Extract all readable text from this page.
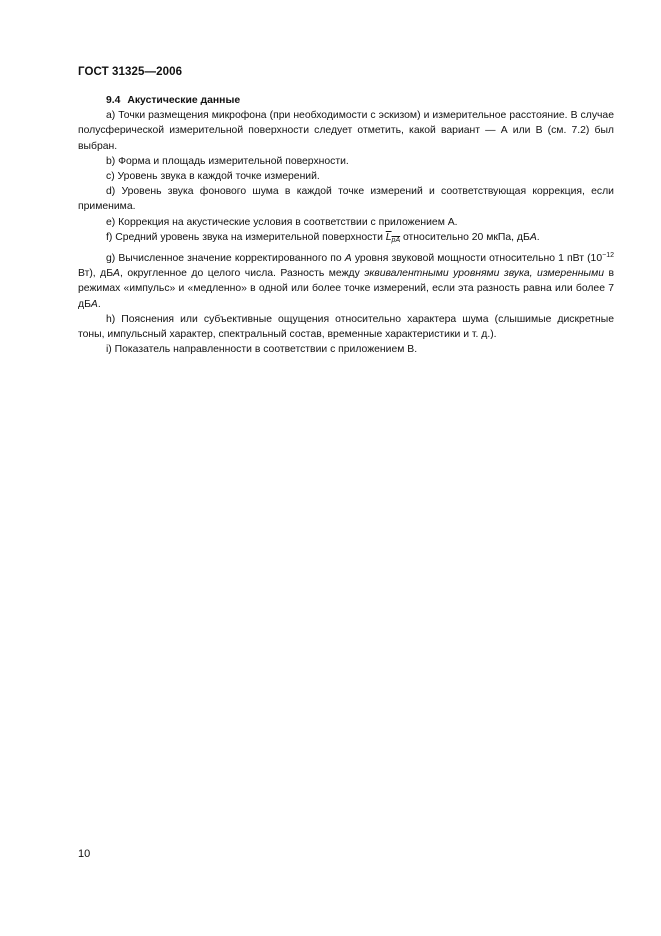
ГОСТ 31325—2006

9.4 Акустические данные

a) Точки размещения микрофона (при необходимости с эскизом) и измерительное расстояние. В случае полусферической измерительной поверхности следует отметить, какой вариант — А или В (см. 7.2) был выбран.

b) Форма и площадь измерительной поверхности.

c) Уровень звука в каждой точке измерений.

d) Уровень звука фонового шума в каждой точке измерений и соответствующая коррекция, если применима.

e) Коррекция на акустические условия в соответствии с приложением А.

f) Средний уровень звука на измерительной поверхности $L_{pA}$ относительно 20 мкПа, дБA.

g) Вычисленное значение корректированного по А уровня звуковой мощности относительно 1 пВт ($10^{-12}$ Вт), дБА, округленное до целого числа. Разность между эквивалентными уровнями звука, измеренными в режимах «импульс» и «медленно» в одной или более точке измерений, если эта разность равна или более 7 дБА.

h) Пояснения или субъективные ощущения относительно характера шума (слышимые дискретные тоны, импульсный характер, спектральный состав, временные характеристики и т. д.).

i) Показатель направленности в соответствии с приложением В.

10
